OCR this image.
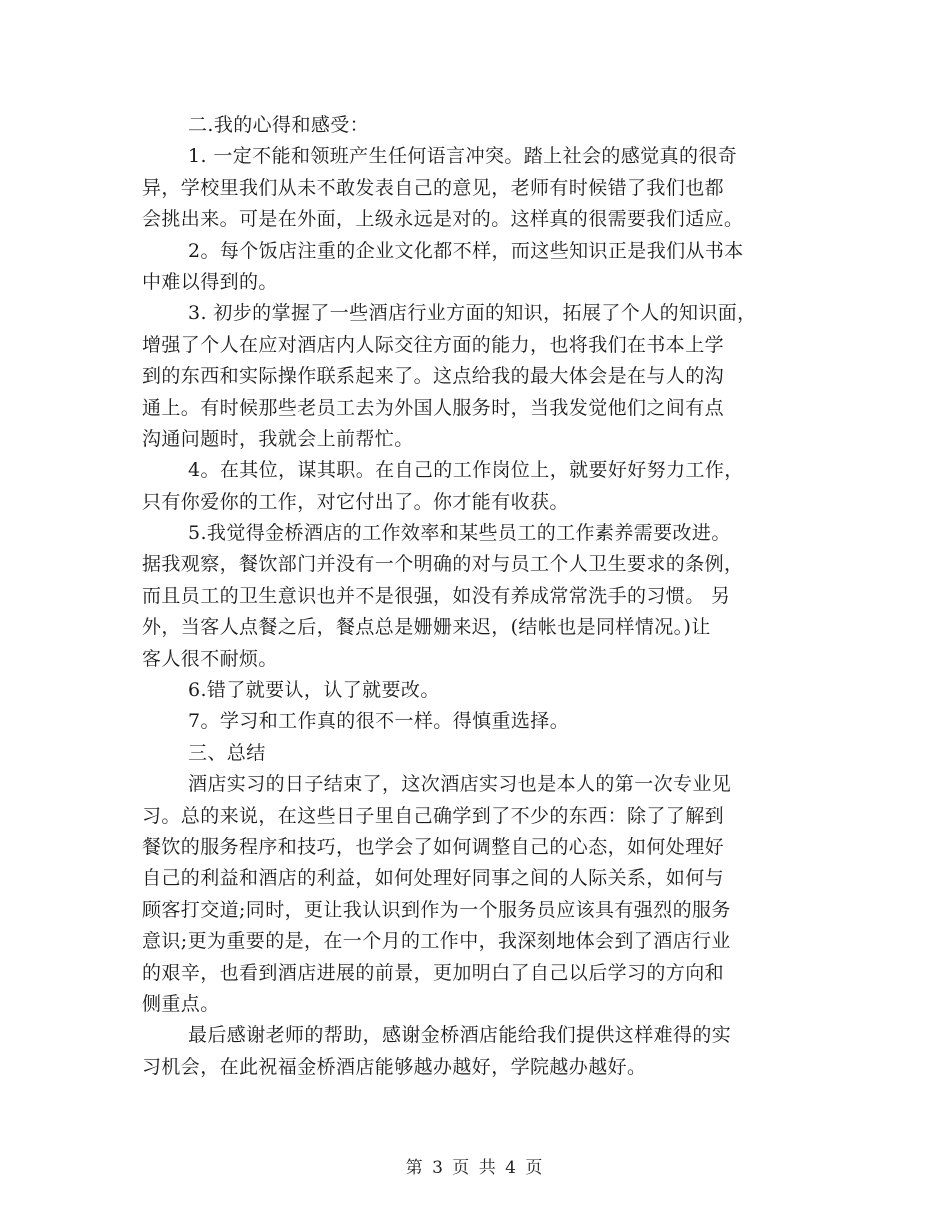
二.我的心得和感受：
1. 一定不能和领班产生任何语言冲突。踏上社会的感觉真的很奇
异，学校里我们从未不敢发表自己的意见，老师有时候错了我们也都
会挑出来。可是在外面，上级永远是对的。这样真的很需要我们适应。
2。每个饭店注重的企业文化都不样，而这些知识正是我们从书本
中难以得到的。
3. 初步的掌握了一些酒店行业方面的知识，拓展了个人的知识面，
增强了个人在应对酒店内人际交往方面的能力，也将我们在书本上学
到的东西和实际操作联系起来了。这点给我的最大体会是在与人的沟
通上。有时候那些老员工去为外国人服务时，当我发觉他们之间有点
沟通问题时，我就会上前帮忙。
4。在其位，谋其职。在自己的工作岗位上，就要好好努力工作，
只有你爱你的工作，对它付出了。你才能有收获。
5.我觉得金桥酒店的工作效率和某些员工的工作素养需要改进。
据我观察，餐饮部门并没有一个明确的对与员工个人卫生要求的条例，
而且员工的卫生意识也并不是很强，如没有养成常常洗手的习惯。 另
外，当客人点餐之后，餐点总是姗姗来迟，(结帐也是同样情况。)让
客人很不耐烦。
6.错了就要认，认了就要改。
7。学习和工作真的很不一样。得慎重选择。
三、总结
酒店实习的日子结束了，这次酒店实习也是本人的第一次专业见
习。总的来说，在这些日子里自己确学到了不少的东西：除了了解到
餐饮的服务程序和技巧，也学会了如何调整自己的心态，如何处理好
自己的利益和酒店的利益，如何处理好同事之间的人际关系，如何与
顾客打交道;同时，更让我认识到作为一个服务员应该具有强烈的服务
意识;更为重要的是，在一个月的工作中，我深刻地体会到了酒店行业
的艰辛，也看到酒店进展的前景，更加明白了自己以后学习的方向和
侧重点。
最后感谢老师的帮助，感谢金桥酒店能给我们提供这样难得的实
习机会，在此祝福金桥酒店能够越办越好，学院越办越好。
第 3 页 共 4 页
